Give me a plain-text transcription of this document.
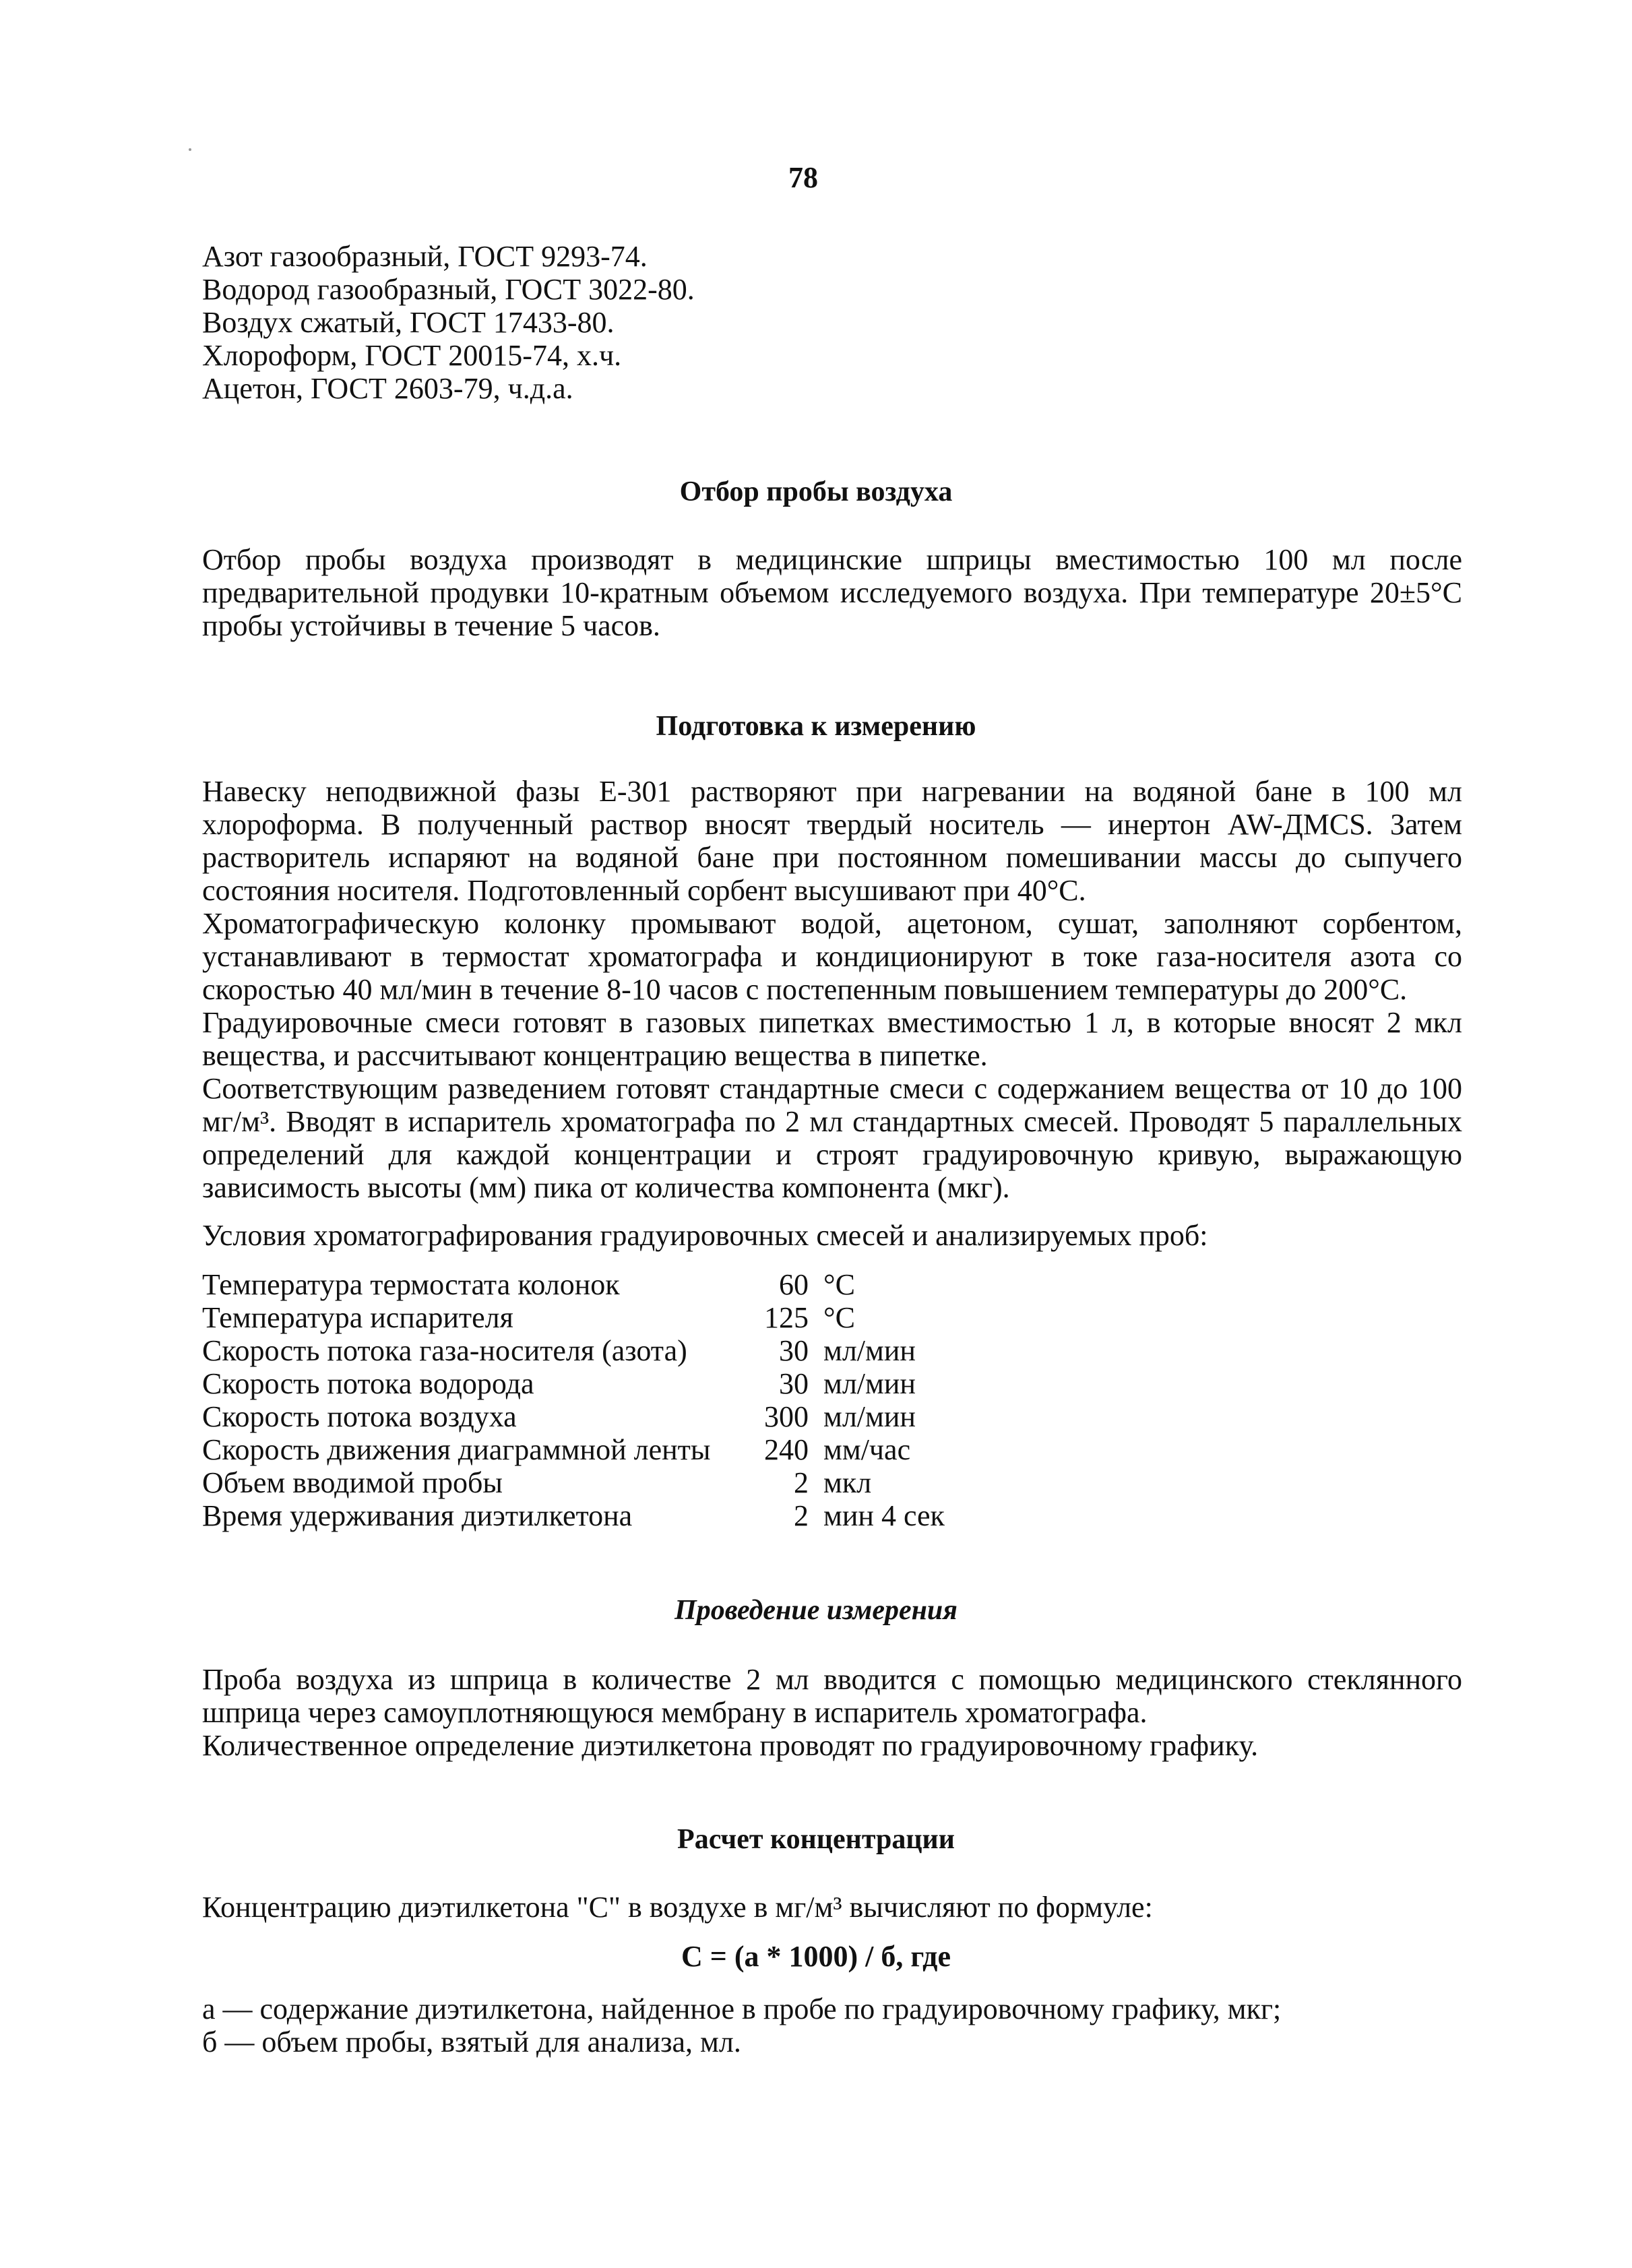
78
Азот газообразный, ГОСТ 9293-74.
Водород газообразный, ГОСТ 3022-80.
Воздух сжатый, ГОСТ 17433-80.
Хлороформ, ГОСТ 20015-74, х.ч.
Ацетон, ГОСТ 2603-79, ч.д.а.
Отбор пробы воздуха

Отбор пробы воздуха производят в медицинские шприцы вместимостью 100 мл после предварительной продувки 10-кратным объемом исследуемого воздуха. При температуре 20±5°С пробы устойчивы в течение 5 часов.

Подготовка к измерению

Навеску неподвижной фазы Е-301 растворяют при нагревании на водяной бане в 100 мл хлороформа. В полученный раствор вносят твердый носитель — инертон AW-ДМCS. Затем растворитель испаряют на водяной бане при постоянном помешивании массы до сыпучего состояния носителя. Подготовленный сорбент высушивают при 40°С.

Хроматографическую колонку промывают водой, ацетоном, сушат, заполняют сорбентом, устанавливают в термостат хроматографа и кондиционируют в токе газа-носителя азота со скоростью 40 мл/мин в течение 8-10 часов с постепенным повышением температуры до 200°С.

Градуировочные смеси готовят в газовых пипетках вместимостью 1 л, в которые вносят 2 мкл вещества, и рассчитывают концентрацию вещества в пипетке.

Соответствующим разведением готовят стандартные смеси с содержанием вещества от 10 до 100 мг/м³. Вводят в испаритель хроматографа по 2 мл стандартных смесей. Проводят 5 параллельных определений для каждой концентрации и строят градуировочную кривую, выражающую зависимость высоты (мм) пика от количества компонента (мкг).

Условия хроматографирования градуировочных смесей и анализируемых проб:

Температура термостата колонок	60	°С
Температура испарителя	125	°С
Скорость потока газа-носителя (азота)	30	мл/мин
Скорость потока водорода	30	мл/мин
Скорость потока воздуха	300	мл/мин
Скорость движения диаграммной ленты	240	мм/час
Объем вводимой пробы	2	мкл
Время удерживания диэтилкетона	2	мин 4 сек
Проведение измерения

Проба воздуха из шприца в количестве 2 мл вводится с помощью медицинского стеклянного шприца через самоуплотняющуюся мембрану в испаритель хроматографа.

Количественное определение диэтилкетона проводят по градуировочному графику.

Расчет концентрации
Концентрацию диэтилкетона "С" в воздухе в мг/м³ вычисляют по формуле:
С = (а * 1000) / б, где
а — содержание диэтилкетона, найденное в пробе по градуировочному графику, мкг;
б — объем пробы, взятый для анализа, мл.
